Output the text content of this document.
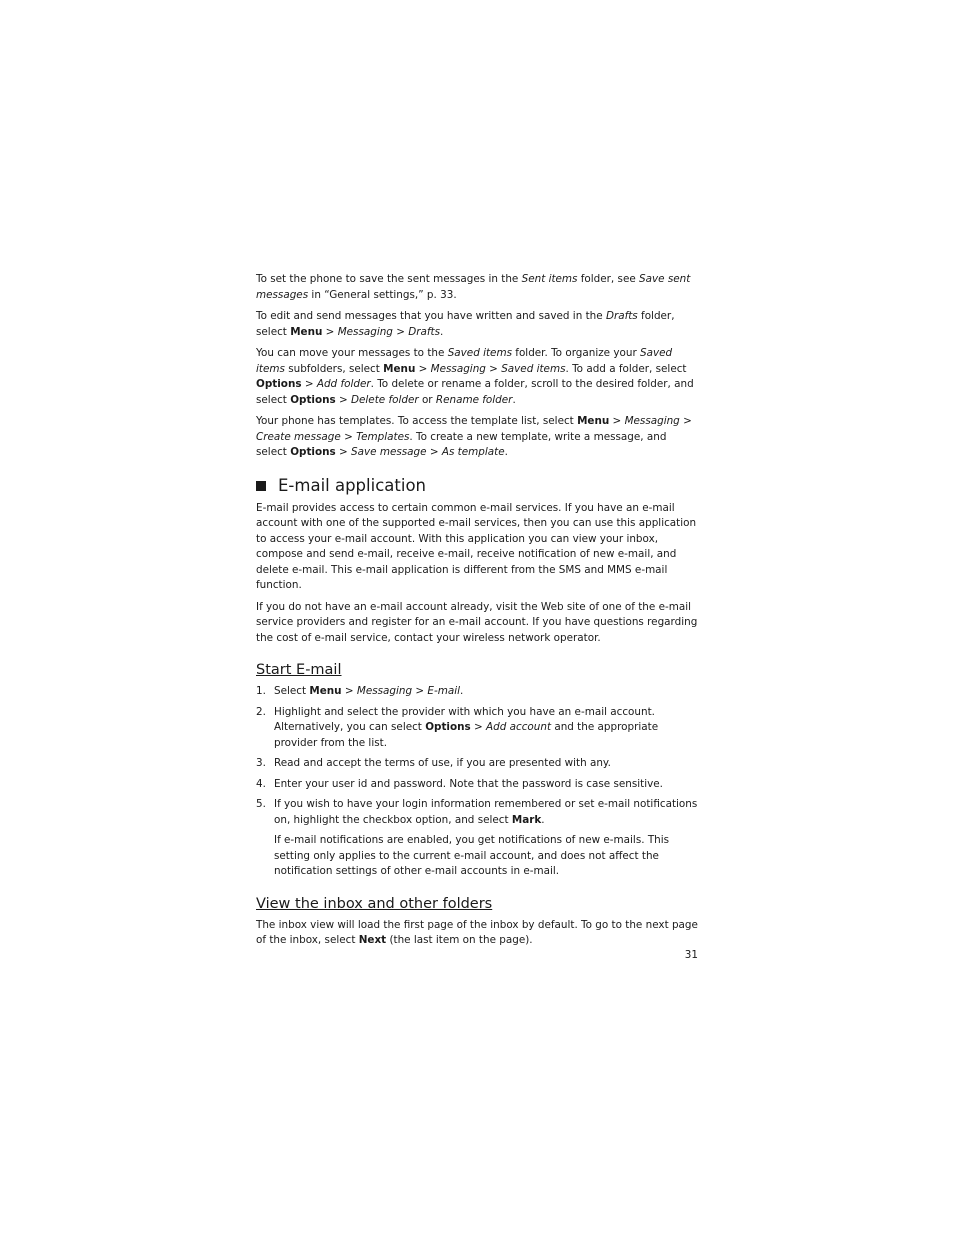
To set the phone to save the sent messages in the Sent items folder, see Save sent messages in “General settings,” p. 33.

To edit and send messages that you have written and saved in the Drafts folder, select Menu > Messaging > Drafts.

You can move your messages to the Saved items folder. To organize your Saved items subfolders, select Menu > Messaging > Saved items. To add a folder, select Options > Add folder. To delete or rename a folder, scroll to the desired folder, and select Options > Delete folder or Rename folder.

Your phone has templates. To access the template list, select Menu > Messaging > Create message > Templates. To create a new template, write a message, and select Options > Save message > As template.

E-mail application

E-mail provides access to certain common e-mail services. If you have an e-mail account with one of the supported e-mail services, then you can use this application to access your e-mail account. With this application you can view your inbox, compose and send e-mail, receive e-mail, receive notification of new e-mail, and delete e-mail. This e-mail application is different from the SMS and MMS e-mail function.

If you do not have an e-mail account already, visit the Web site of one of the e-mail service providers and register for an e-mail account. If you have questions regarding the cost of e-mail service, contact your wireless network operator.

Start E-mail
1. Select Menu > Messaging > E-mail.
2. Highlight and select the provider with which you have an e-mail account. Alternatively, you can select Options > Add account and the appropriate provider from the list.
3. Read and accept the terms of use, if you are presented with any.
4. Enter your user id and password. Note that the password is case sensitive.
5. If you wish to have your login information remembered or set e-mail notifications on, highlight the checkbox option, and select Mark.
If e-mail notifications are enabled, you get notifications of new e-mails. This setting only applies to the current e-mail account, and does not affect the notification settings of other e-mail accounts in e-mail.
View the inbox and other folders

The inbox view will load the first page of the inbox by default. To go to the next page of the inbox, select Next (the last item on the page).

31
